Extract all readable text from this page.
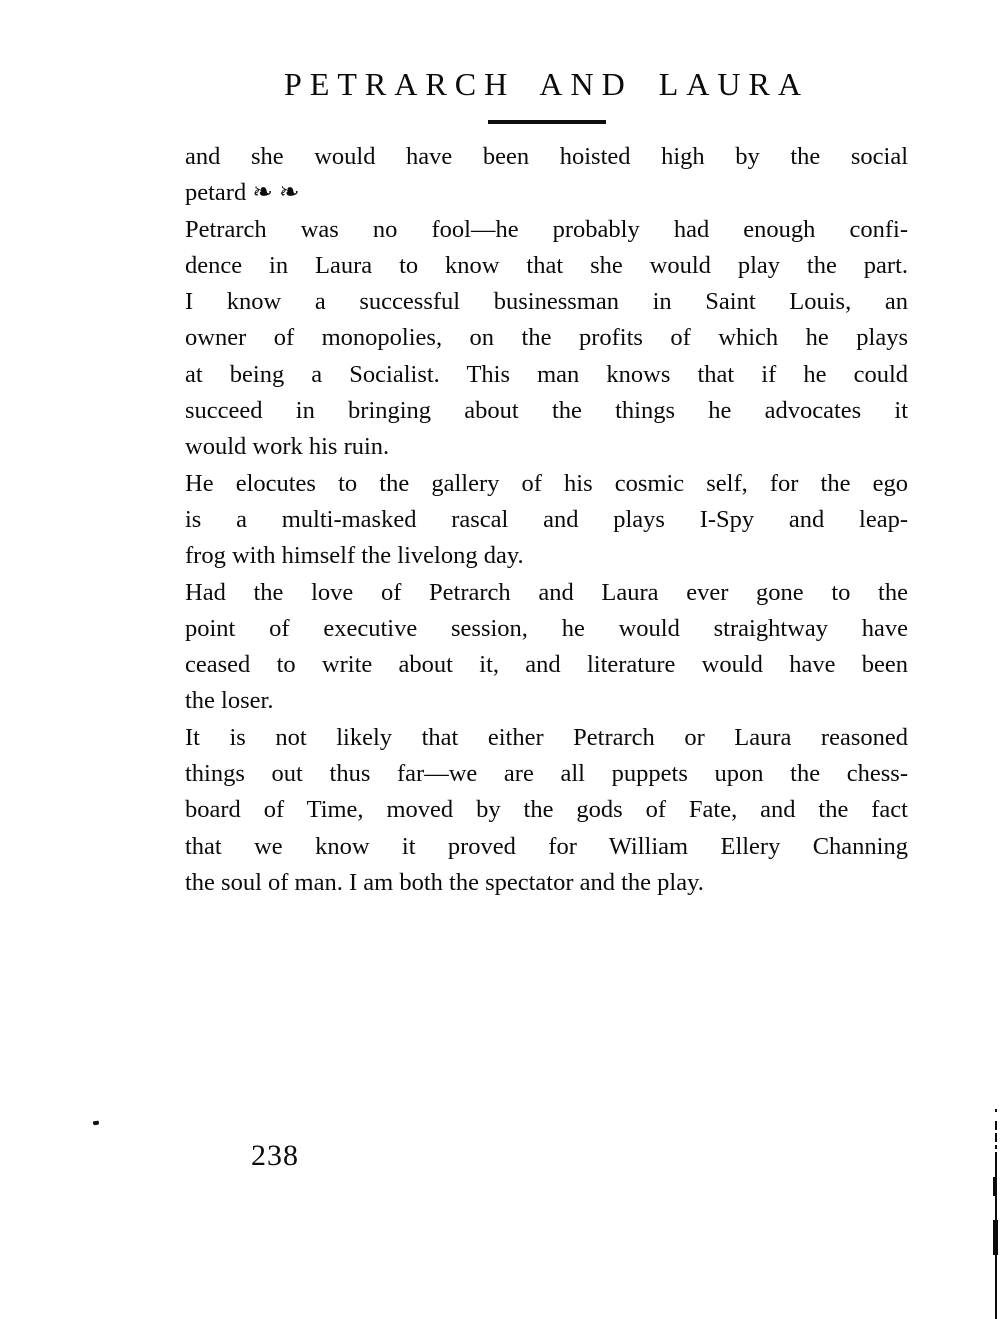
PETRARCH AND LAURA
and she would have been hoisted high by the social
petard ❧ ❧
Petrarch was no fool—he probably had enough confi-
dence in Laura to know that she would play the part.
I know a successful businessman in Saint Louis, an
owner of monopolies, on the profits of which he plays
at being a Socialist. This man knows that if he could
succeed in bringing about the things he advocates it
would work his ruin.
He elocutes to the gallery of his cosmic self, for the ego
is a multi-masked rascal and plays I-Spy and leap-
frog with himself the livelong day.
Had the love of Petrarch and Laura ever gone to the
point of executive session, he would straightway have
ceased to write about it, and literature would have been
the loser.
It is not likely that either Petrarch or Laura reasoned
things out thus far—we are all puppets upon the chess-
board of Time, moved by the gods of Fate, and the fact
that we know it proved for William Ellery Channing
the soul of man. I am both the spectator and the play.
238
